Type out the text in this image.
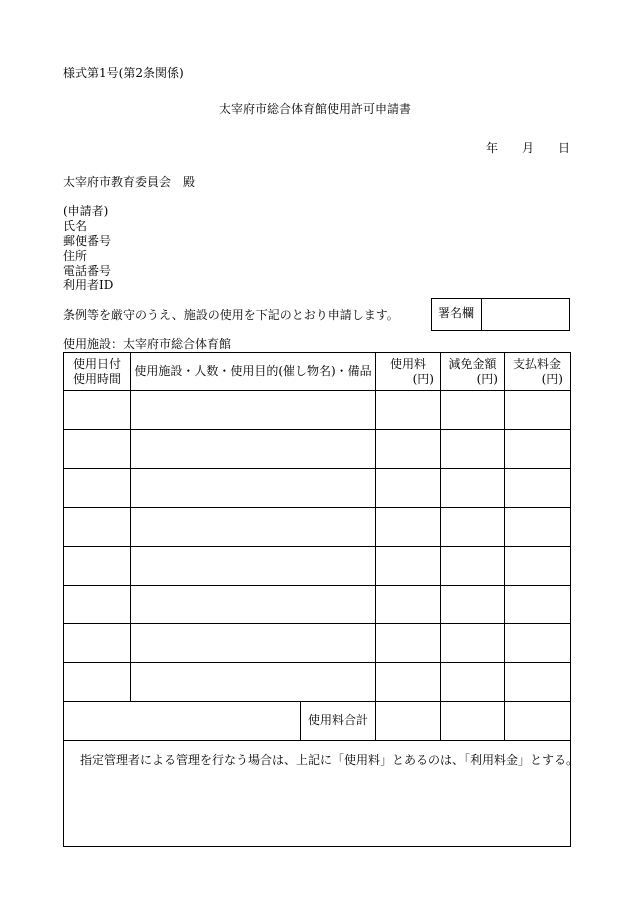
様式第1号(第2条関係)
太宰府市総合体育館使用許可申請書
年 月 日
太宰府市教育委員会　殿
(申請者)
氏名
郵便番号
住所
電話番号
利用者ID
条例等を厳守のうえ、施設の使用を下記のとおり申請します。	署名欄
使用施設：太宰府市総合体育館
使用日付
使用時間
使用施設・人数・使用目的(催し物名)・備品	使用料
(円)
減免金額
(円)
支払料金
(円)
使用料合計
指定管理者による管理を行なう場合は、上記に「使用料」とあるのは、「利用料金」とする。
